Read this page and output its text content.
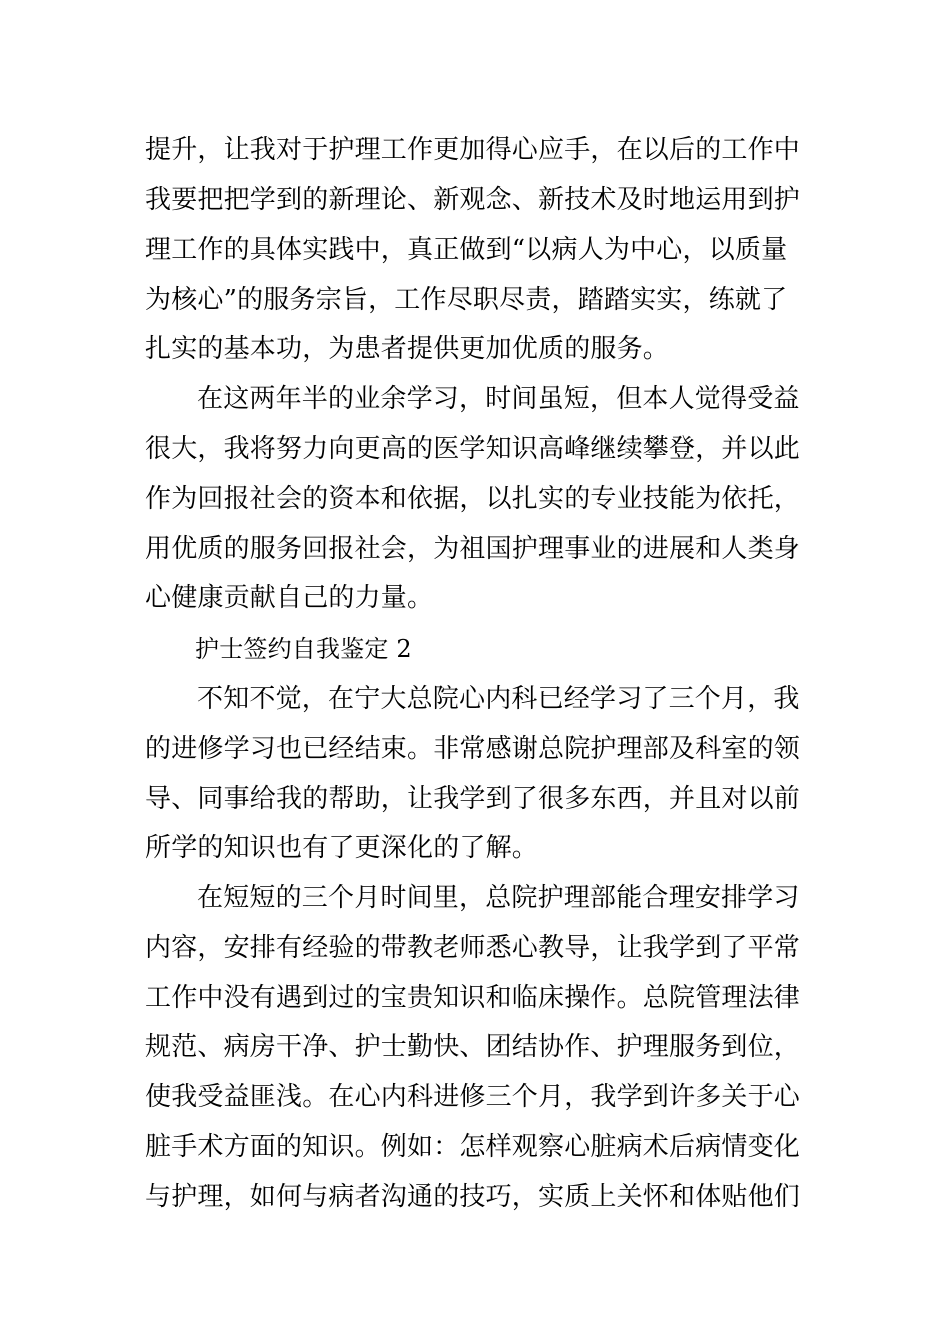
提升，让我对于护理工作更加得心应手，在以后的工作中
我要把把学到的新理论、新观念、新技术及时地运用到护
理工作的具体实践中，真正做到“以病人为中心，以质量
为核心”的服务宗旨，工作尽职尽责，踏踏实实，练就了
扎实的基本功，为患者提供更加优质的服务。
在这两年半的业余学习，时间虽短，但本人觉得受益
很大，我将努力向更高的医学知识高峰继续攀登，并以此
作为回报社会的资本和依据，以扎实的专业技能为依托，
用优质的服务回报社会，为祖国护理事业的进展和人类身
心健康贡献自己的力量。
护士签约自我鉴定 2
不知不觉，在宁大总院心内科已经学习了三个月，我
的进修学习也已经结束。非常感谢总院护理部及科室的领
导、同事给我的帮助，让我学到了很多东西，并且对以前
所学的知识也有了更深化的了解。
在短短的三个月时间里，总院护理部能合理安排学习
内容，安排有经验的带教老师悉心教导，让我学到了平常
工作中没有遇到过的宝贵知识和临床操作。总院管理法律
规范、病房干净、护士勤快、团结协作、护理服务到位，
使我受益匪浅。在心内科进修三个月，我学到许多关于心
脏手术方面的知识。例如：怎样观察心脏病术后病情变化
与护理，如何与病者沟通的技巧，实质上关怀和体贴他们
